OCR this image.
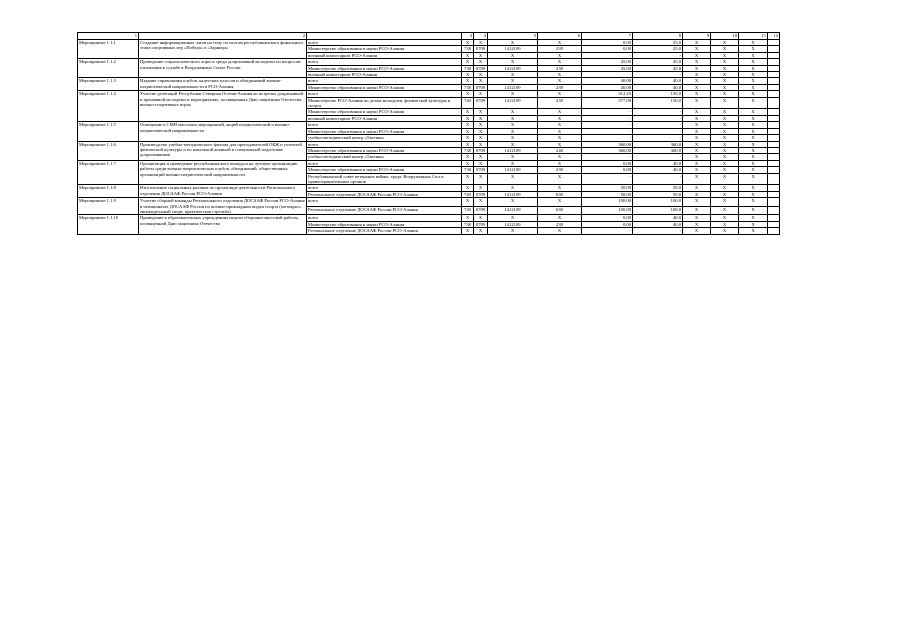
1	2		3	4	5	6	7	8	9	10	11	12
Мероприятие 1.1.1	Создание информационных лагов на тему по итогам республиканского финального этапа спортивных игр «Победа» и «Зарница»	всего	X	X	X	X	0,00	25,0	X	X	X	
		Министерство образования и науки РСО-Алания	738	0709	1412109	239	0,00	25,0	X	X	X	
		военный комиссариат РСО-Алания	X	X	X	X	-	-	X	X	X	
Мероприятие 1.1.2	Проведение социологического опроса среди допризывной молодежи по вопросам отношения к службе в Вооруженных Силах России	всего	X	X	X	X	45,00	45,0	X	X	X	
		Министерство образования и науки РСО-Алания	738	0709	1412109	239	45,00	45,0	X	X	X	
		военный комиссариат РСО-Алания	X	X	X	X	-	-	X	X	X	
Мероприятие 1.1.3	Издание справочника клубов, кадетских классов и объединений военно-патриотической направленности в РСО-Алания	всего	X	X	X	X	40,00	40,0	X	X	X	
		Министерство образования и науки РСО-Алания	738	0709	1412109	239	40,00	40,0	X	X	X	
Мероприятие 1.1.4	Участие делегаций Республики Северная Осетия-Алания во встречах допризывной и призывной молодежи и мероприятиях, посвященных Дню защитника Отечества, военно-спортивных играх	всего	X	X	X	X	312,25	150,0	X	X	X	
		Министерство РСО-Алания по делам молодежи, физической культуры и спорта	740	0709	1412109	239	377,00	150,0	X	X	X	
		Министерство образования и науки РСО-Алания	X	X	X	X	-	-	X	X	X	
		военный комиссариат РСО-Алания	X	X	X	X	-	-	X	X	X	
Мероприятие 1.1.5	Освещение в СМИ массовых мероприятий, акций патриотической и военно-патриотической направленности	всего	X	X	X	X	-	-	X	X	X	
		Министерство образования и науки РСО-Алания	X	X	X	X	-	-	X	X	X	
		учебно-методический центр «Тактика»	X	X	X	X	-	-	X	X	X	
Мероприятие 1.1.6	Производство учебно-методического фильма для преподавателей ОБЖ и учителей физической культуры и по начальной военной и специальной подготовке допризывников	всего	X	X	X	X	360,00	360,0	X	X	X	
		Министерство образования и науки РСО-Алания	738	0709	1412109	240	360,00	360,0	X	X	X	
		учебно-методический центр «Тактика»	X	X	X	X	-	-	X	X	X	
Мероприятие 1.1.7	Организация и проведение республиканского конкурса на лучшую организацию работы среди военно-патриотических клубов, объединений, общественных организаций военно-патриотической направленности	всего	X	X	X	X	0,00	40,0	X	X	X	
		Министерство образования и науки РСО-Алания	738	0709	1412109	239	0,00	40,0	X	X	X	
		Республиканский совет ветеранов войны, труда, Вооруженных Сил и правоохранительных органов	X	X	X	X	-	-	X	X	X	
Мероприятие 1.1.8	Изготовление социальных роликов по пропаганде деятельности Регионального отделения ДОСААФ России РСО-Алания	всего	X	X	X	X	50,00	50,0	X	X	X	
		Региональное отделение ДОСААФ России РСО-Алания	749	0709	1412109	630	50,00	50,0	X	X	X	
Мероприятие 1.1.9	Участие сборной команды Регионального отделения ДОСААФ России РСО-Алания в чемпионатах ДОСААФ России по военно-прикладным видам спорта (мотокросс, авиамодельный спорт, практическая стрельба)	всего	X	X	X	X	100,00	100,0	X	X	X	
		Региональное отделение ДОСААФ России РСО-Алания	749	0709	1412109	630	100,00	100,0	X	X	X	
Мероприятие 1.1.10	Проведение в образовательных учреждениях недели оборонно-массовой работы, посвященной Дню защитника Отечества	всего	X	X	X	X	0,00	40,0	X	X	X	
		Министерство образования и науки РСО-Алания	738	0709	1412109	239	0,00	40,0	X	X	X	
		Региональное отделение ДОСААФ России РСО-Алания	X	X	X	X	-	-	X	X	X	
